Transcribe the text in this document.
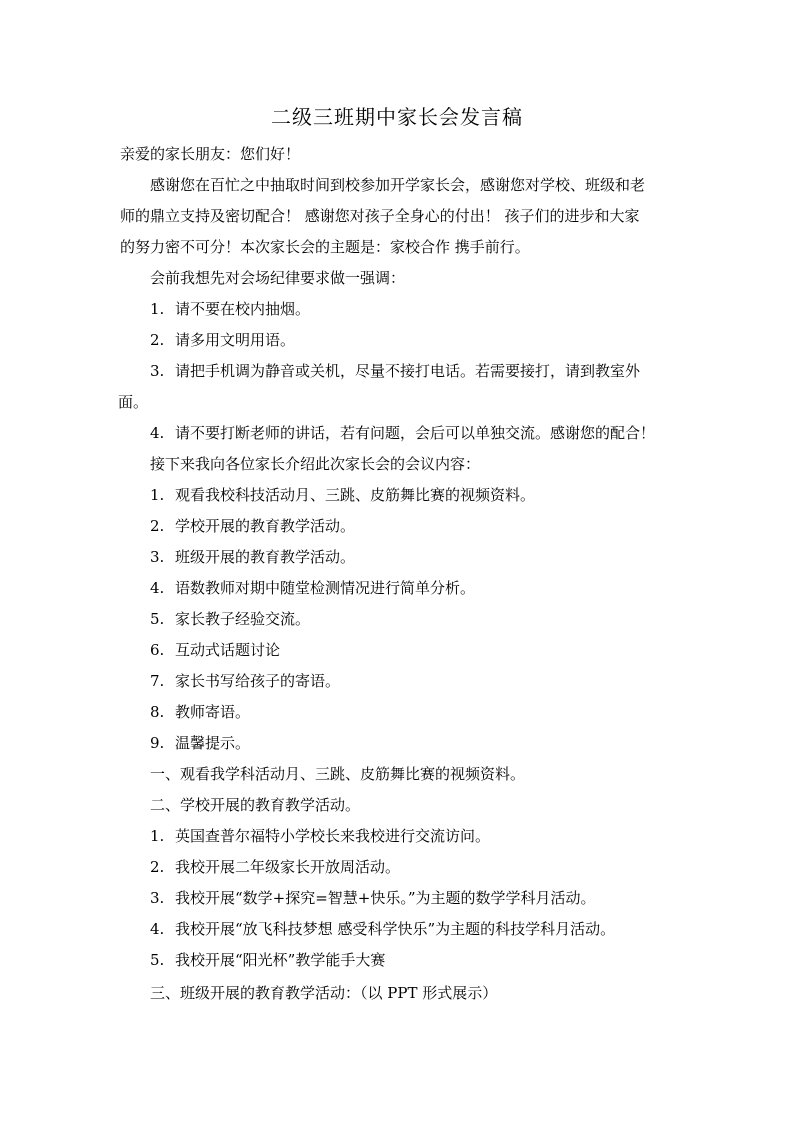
二级三班期中家长会发言稿
亲爱的家长朋友：您们好！
感谢您在百忙之中抽取时间到校参加开学家长会，感谢您对学校、班级和老
师的鼎立支持及密切配合！ 感谢您对孩子全身心的付出！ 孩子们的进步和大家
的努力密不可分！本次家长会的主题是：家校合作 携手前行。
会前我想先对会场纪律要求做一强调：
1. 请不要在校内抽烟。
2. 请多用文明用语。
3. 请把手机调为静音或关机，尽量不接打电话。若需要接打，请到教室外
面。
4. 请不要打断老师的讲话，若有问题，会后可以单独交流。感谢您的配合！
接下来我向各位家长介绍此次家长会的会议内容：
1. 观看我校科技活动月、三跳、皮筋舞比赛的视频资料。
2. 学校开展的教育教学活动。
3. 班级开展的教育教学活动。
4. 语数教师对期中随堂检测情况进行简单分析。
5. 家长教子经验交流。
6. 互动式话题讨论
7. 家长书写给孩子的寄语。
8. 教师寄语。
9. 温馨提示。
一、观看我学科活动月、三跳、皮筋舞比赛的视频资料。
二、学校开展的教育教学活动。
1. 英国查普尔福特小学校长来我校进行交流访问。
2. 我校开展二年级家长开放周活动。
3. 我校开展“数学+探究=智慧+快乐。”为主题的数学学科月活动。
4. 我校开展“放飞科技梦想 感受科学快乐”为主题的科技学科月活动。
5. 我校开展“阳光杯”教学能手大赛
三、班级开展的教育教学活动：（以 PPT 形式展示）
